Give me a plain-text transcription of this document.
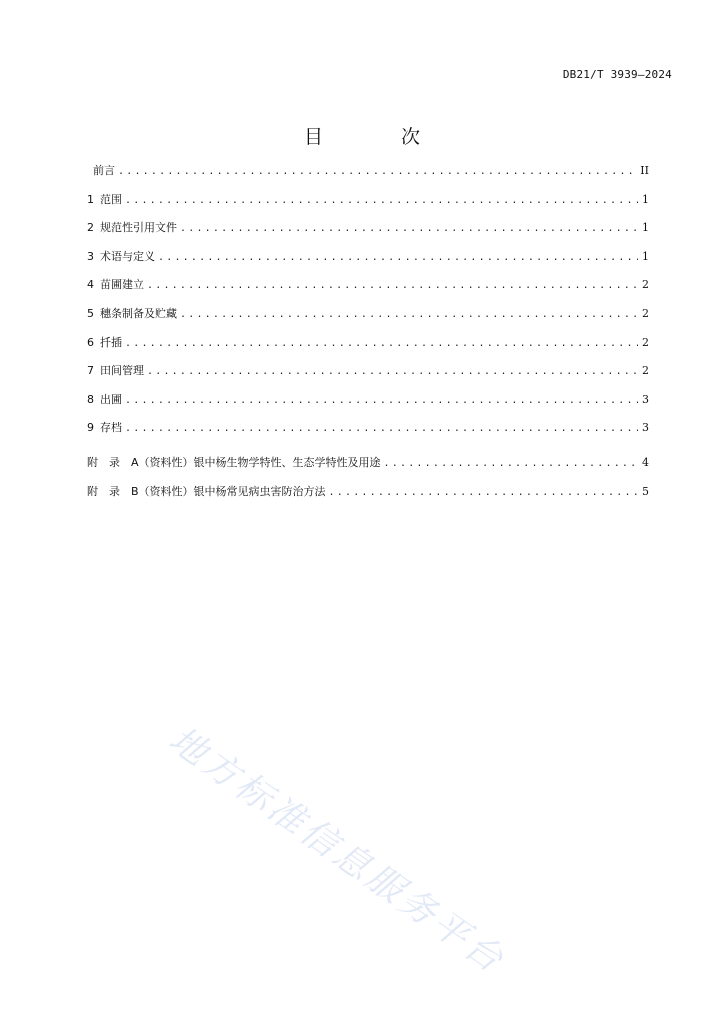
DB21/T 3939—2024
目 次
前言 .....	II
1 范围 .....	1
2 规范性引用文件 .....	1
3 术语与定义 .....	1
4 苗圃建立 .....	2
5 穗条制备及贮藏 .....	2
6 扦插 .....	2
7 田间管理 .....	2
8 出圃 .....	3
9 存档 .....	3
附　录　A（资料性）银中杨生物学特性、生态学特性及用途 .....	4
附　录　B（资料性）银中杨常见病虫害防治方法 .....	5
地方标准信息服务平台
